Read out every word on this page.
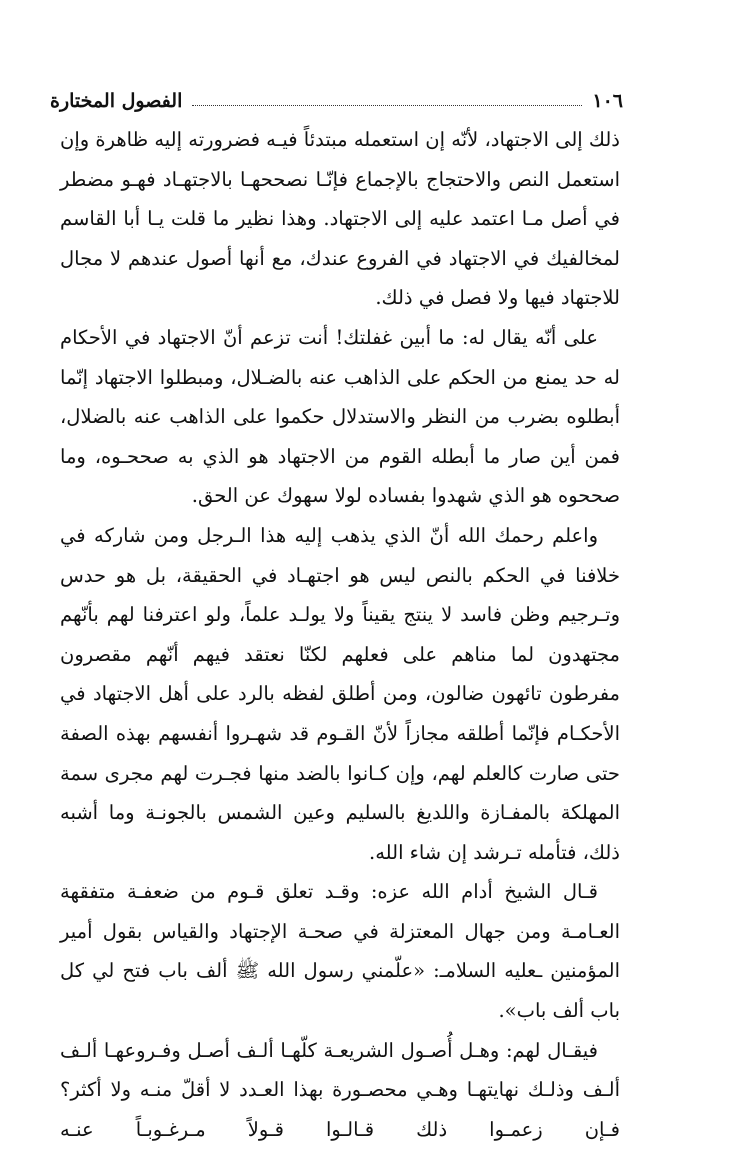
١٠٦
الفصول المختارة

ذلك إلى الاجتهاد، لأنّه إن استعمله مبتدئاً فيـه فضرورته إليه ظاهرة وإن استعمل النص والاحتجاج بالإجماع فإنّـا نصححهـا بالاجتهـاد فهـو مضطر في أصل مـا اعتمد عليه إلى الاجتهاد. وهذا نظير ما قلت يـا أبا القاسم لمخالفيك في الاجتهاد في الفروع عندك، مع أنها أصول عندهم لا مجال للاجتهاد فيها ولا فصل في ذلك.

على أنّه يقال له: ما أبين غفلتك! أنت تزعم أنّ الاجتهاد في الأحكام له حد يمنع من الحكم على الذاهب عنه بالضـلال، ومبطلوا الاجتهاد إنّما أبطلوه بضرب من النظر والاستدلال حكموا على الذاهب عنه بالضلال، فمن أين صار ما أبطله القوم من الاجتهاد هو الذي به صححـوه، وما صححوه هو الذي شهدوا بفساده لولا سهوك عن الحق.

واعلم رحمك الله أنّ الذي يذهب إليه هذا الـرجل ومن شاركه في خلافنا في الحكم بالنص ليس هو اجتهـاد في الحقيقة، بل هو حدس وتـرجيم وظن فاسد لا ينتج يقيناً ولا يولـد علماً، ولو اعترفنا لهم بأنّهم مجتهدون لما مناهم على فعلهم لكنّا نعتقد فيهم أنّهم مقصرون مفرطون تائهون ضالون، ومن أطلق لفظه بالرد على أهل الاجتهاد في الأحكـام فإنّما أطلقه مجازاً لأنّ القـوم قد شهـروا أنفسهم بهذه الصفة حتى صارت كالعلم لهم، وإن كـانوا بالضد منها فجـرت لهم مجرى سمة المهلكة بالمفـازة واللديغ بالسليم وعين الشمس بالجونـة وما أشبه ذلك، فتأمله تـرشد إن شاء الله.

قـال الشيخ أدام الله عزه: وقـد تعلق قـوم من ضعفـة متفقهة العـامـة ومن جهال المعتزلة في صحـة الإجتهاد والقياس بقول أمير المؤمنين ـعليه السلامـ: «علّمني رسول الله ﷺ ألف باب فتح لي كل باب ألف باب».

فيقـال لهم: وهـل أُصـول الشريعـة كلّهـا ألـف أصـل وفـروعهـا ألـف ألـف وذلـك نهايتهـا وهـي محصـورة بهذا العـدد لا أقلّ منـه ولا أكثر؟ فـإن زعمـوا ذلك قـالـوا قـولاً مـرغـوبـاً عنـه
